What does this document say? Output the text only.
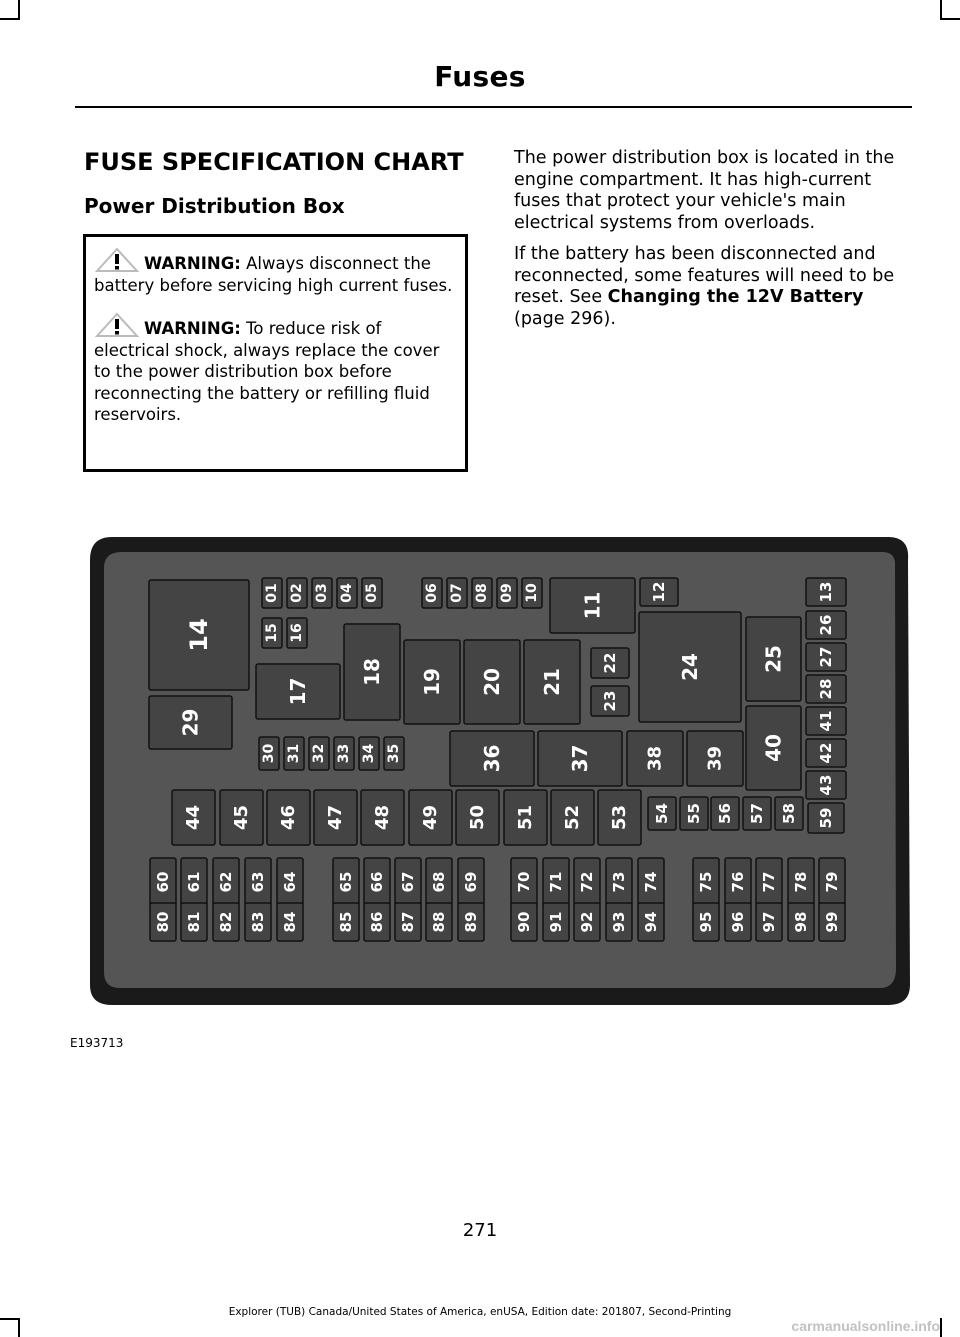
Fuses
FUSE SPECIFICATION CHART
Power Distribution Box

WARNING: Always disconnect the battery before servicing high current fuses.

WARNING: To reduce risk of electrical shock, always replace the cover to the power distribution box before reconnecting the battery or refilling fluid reservoirs.

The power distribution box is located in the engine compartment. It has high-current fuses that protect your vehicle's main electrical systems from overloads.

If the battery has been disconnected and reconnected, some features will need to be reset. See Changing the 12V Battery (page 296).

14
29
01 02 03 04 05
15 16
17
18
30 31 32 33 34 35
06 07 08 09 10
19 20 21
11
22
23
12
24	25
40
36	37	38 39
13
26
27
28
41
42
43
44 45 46 47 48 49 50 51 52 53 54 55 56 57 58 59
60 61 62 63 64	65 66 67 68 69 70 71 72 73 74 75 76 77 78 79
80 81 82 83 84	85 86 87 88 89 90 91 92 93 94 95 96 97 98 99
E193713
271
Explorer (TUB) Canada/United States of America, enUSA, Edition date: 201807, Second-Printing
carmanualsonline.info
